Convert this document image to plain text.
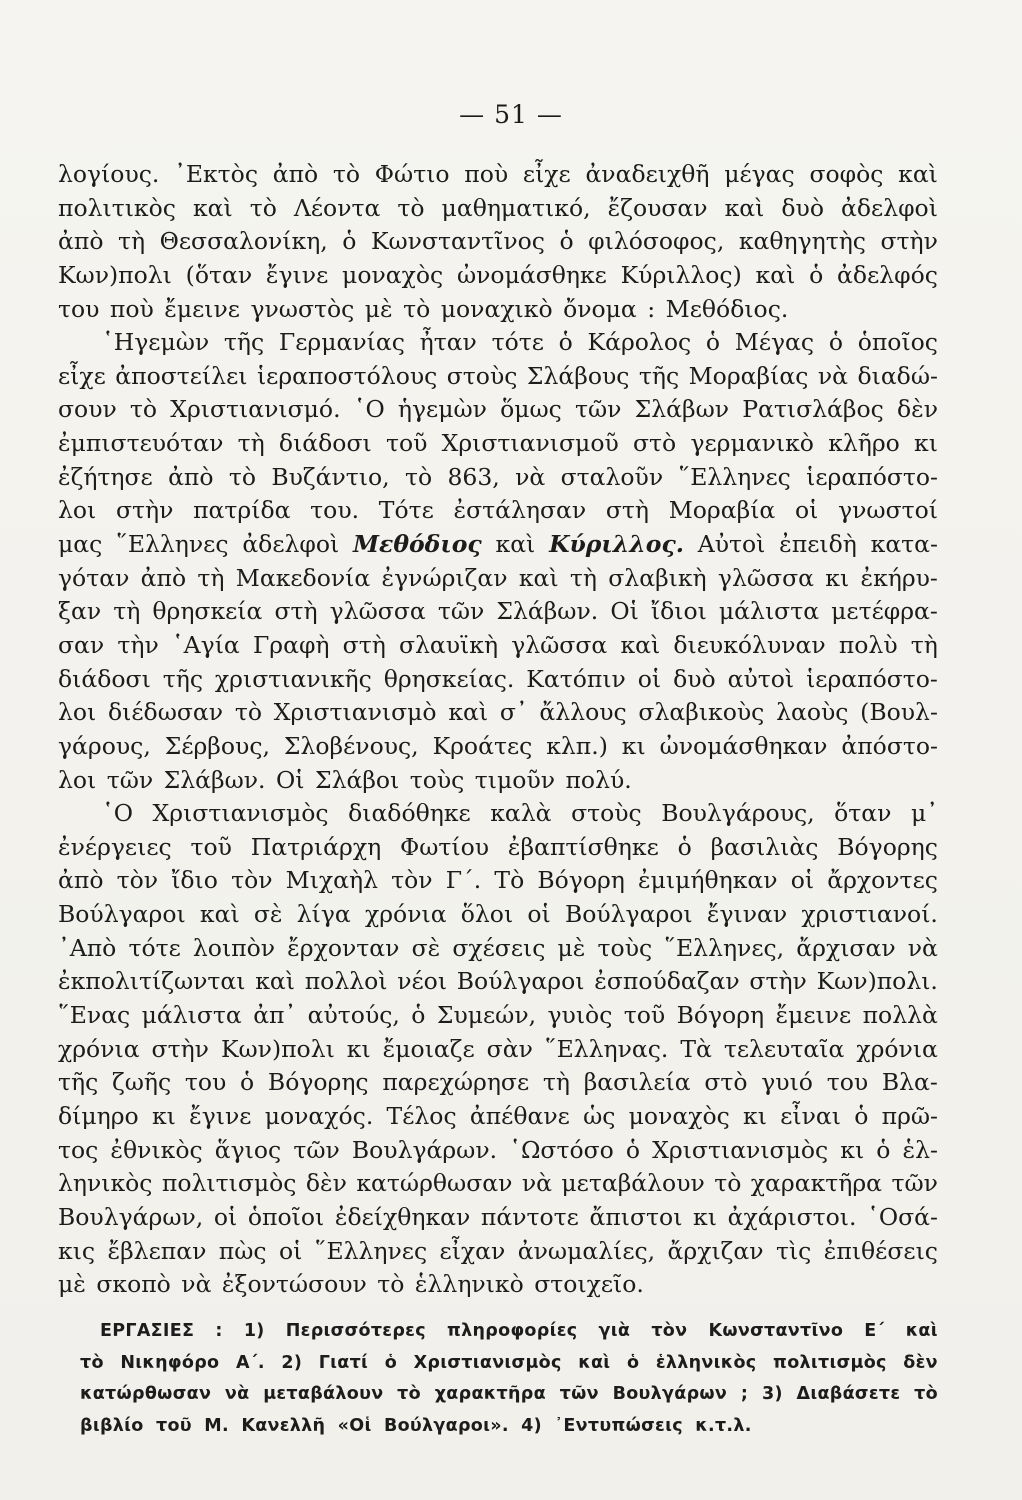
— 51 —
λογίους. ᾿Εκτὸς ἀπὸ τὸ Φώτιο ποὺ εἶχε ἀναδειχθῆ μέγας σοφὸς καὶ
πολιτικὸς καὶ τὸ Λέοντα τὸ μαθηματικό, ἔζουσαν καὶ δυὸ ἀδελφοὶ
ἀπὸ τὴ Θεσσαλονίκη, ὁ Κωνσταντῖνος ὁ φιλόσοφος, καθηγητὴς στὴν
Κων)πολι (ὅταν ἔγινε μοναχὸς ὠνομάσθηκε Κύριλλος) καὶ ὁ ἀδελφός
του ποὺ ἔμεινε γνωστὸς μὲ τὸ μοναχικὸ ὄνομα : Μεθόδιος.
῾Ηγεμὼν τῆς Γερμανίας ἦταν τότε ὁ Κάρολος ὁ Μέγας ὁ ὁποῖος
εἶχε ἀποστείλει ἱεραποστόλους στοὺς Σλάβους τῆς Μοραβίας νὰ διαδώ-
σουν τὸ Χριστιανισμό. ῾Ο ἡγεμὼν ὅμως τῶν Σλάβων Ρατισλάβος δὲν
ἐμπιστευόταν τὴ διάδοσι τοῦ Χριστιανισμοῦ στὸ γερμανικὸ κλῆρο κι
ἐζήτησε ἀπὸ τὸ Βυζάντιο, τὸ 863, νὰ σταλοῦν ῞Ελληνες ἱεραπόστο-
λοι στὴν πατρίδα του. Τότε ἐστάλησαν στὴ Μοραβία οἱ γνωστοί
μας ῞Ελληνες ἀδελφοὶ Μεθόδιος καὶ Κύριλλος. Αὐτοὶ ἐπειδὴ κατα-
γόταν ἀπὸ τὴ Μακεδονία ἐγνώριζαν καὶ τὴ σλαβικὴ γλῶσσα κι ἐκήρυ-
ξαν τὴ θρησκεία στὴ γλῶσσα τῶν Σλάβων. Οἱ ἴδιοι μάλιστα μετέφρα-
σαν τὴν ῾Αγία Γραφὴ στὴ σλαυϊκὴ γλῶσσα καὶ διευκόλυναν πολὺ τὴ
διάδοσι τῆς χριστιανικῆς θρησκείας. Κατόπιν οἱ δυὸ αὐτοὶ ἱεραπόστο-
λοι διέδωσαν τὸ Χριστιανισμὸ καὶ σ᾿ ἄλλους σλαβικοὺς λαοὺς (Βουλ-
γάρους, Σέρβους, Σλοβένους, Κροάτες κλπ.) κι ὠνομάσθηκαν ἀπόστο-
λοι τῶν Σλάβων. Οἱ Σλάβοι τοὺς τιμοῦν πολύ.
῾Ο Χριστιανισμὸς διαδόθηκε καλὰ στοὺς Βουλγάρους, ὅταν μ᾿
ἐνέργειες τοῦ Πατριάρχη Φωτίου ἐβαπτίσθηκε ὁ βασιλιὰς Βόγορης
ἀπὸ τὸν ἴδιο τὸν Μιχαὴλ τὸν Γ΄. Τὸ Βόγορη ἐμιμήθηκαν οἱ ἄρχοντες
Βούλγαροι καὶ σὲ λίγα χρόνια ὅλοι οἱ Βούλγαροι ἔγιναν χριστιανοί.
᾿Απὸ τότε λοιπὸν ἔρχονταν σὲ σχέσεις μὲ τοὺς ῞Ελληνες, ἄρχισαν νὰ
ἐκπολιτίζωνται καὶ πολλοὶ νέοι Βούλγαροι ἐσπούδαζαν στὴν Κων)πολι.
῞Ενας μάλιστα ἀπ᾿ αὐτούς, ὁ Συμεών, γυιὸς τοῦ Βόγορη ἔμεινε πολλὰ
χρόνια στὴν Κων)πολι κι ἔμοιαζε σὰν ῞Ελληνας. Τὰ τελευταῖα χρόνια
τῆς ζωῆς του ὁ Βόγορης παρεχώρησε τὴ βασιλεία στὸ γυιό του Βλα-
δίμηρο κι ἔγινε μοναχός. Τέλος ἀπέθανε ὡς μοναχὸς κι εἶναι ὁ πρῶ-
τος ἐθνικὸς ἅγιος τῶν Βουλγάρων. ῾Ωστόσο ὁ Χριστιανισμὸς κι ὁ ἑλ-
ληνικὸς πολιτισμὸς δὲν κατώρθωσαν νὰ μεταβάλουν τὸ χαρακτῆρα τῶν
Βουλγάρων, οἱ ὁποῖοι ἐδείχθηκαν πάντοτε ἄπιστοι κι ἀχάριστοι. ῾Οσά-
κις ἔβλεπαν πὼς οἱ ῞Ελληνες εἶχαν ἀνωμαλίες, ἄρχιζαν τὶς ἐπιθέσεις
μὲ σκοπὸ νὰ ἐξοντώσουν τὸ ἑλληνικὸ στοιχεῖο.
ΕΡΓΑΣΙΕΣ : 1) Περισσότερες πληροφορίες γιὰ τὸν Κωνσταντῖνο Ε΄ καὶ
τὸ Νικηφόρο Α΄. 2) Γιατί ὁ Χριστιανισμὸς καὶ ὁ ἑλληνικὸς πολιτισμὸς δὲν
κατώρθωσαν νὰ μεταβάλουν τὸ χαρακτῆρα τῶν Βουλγάρων ; 3) Διαβάσετε τὸ
βιβλίο τοῦ Μ. Κανελλῆ «Οἱ Βούλγαροι». 4) ᾿Εντυπώσεις κ.τ.λ.
